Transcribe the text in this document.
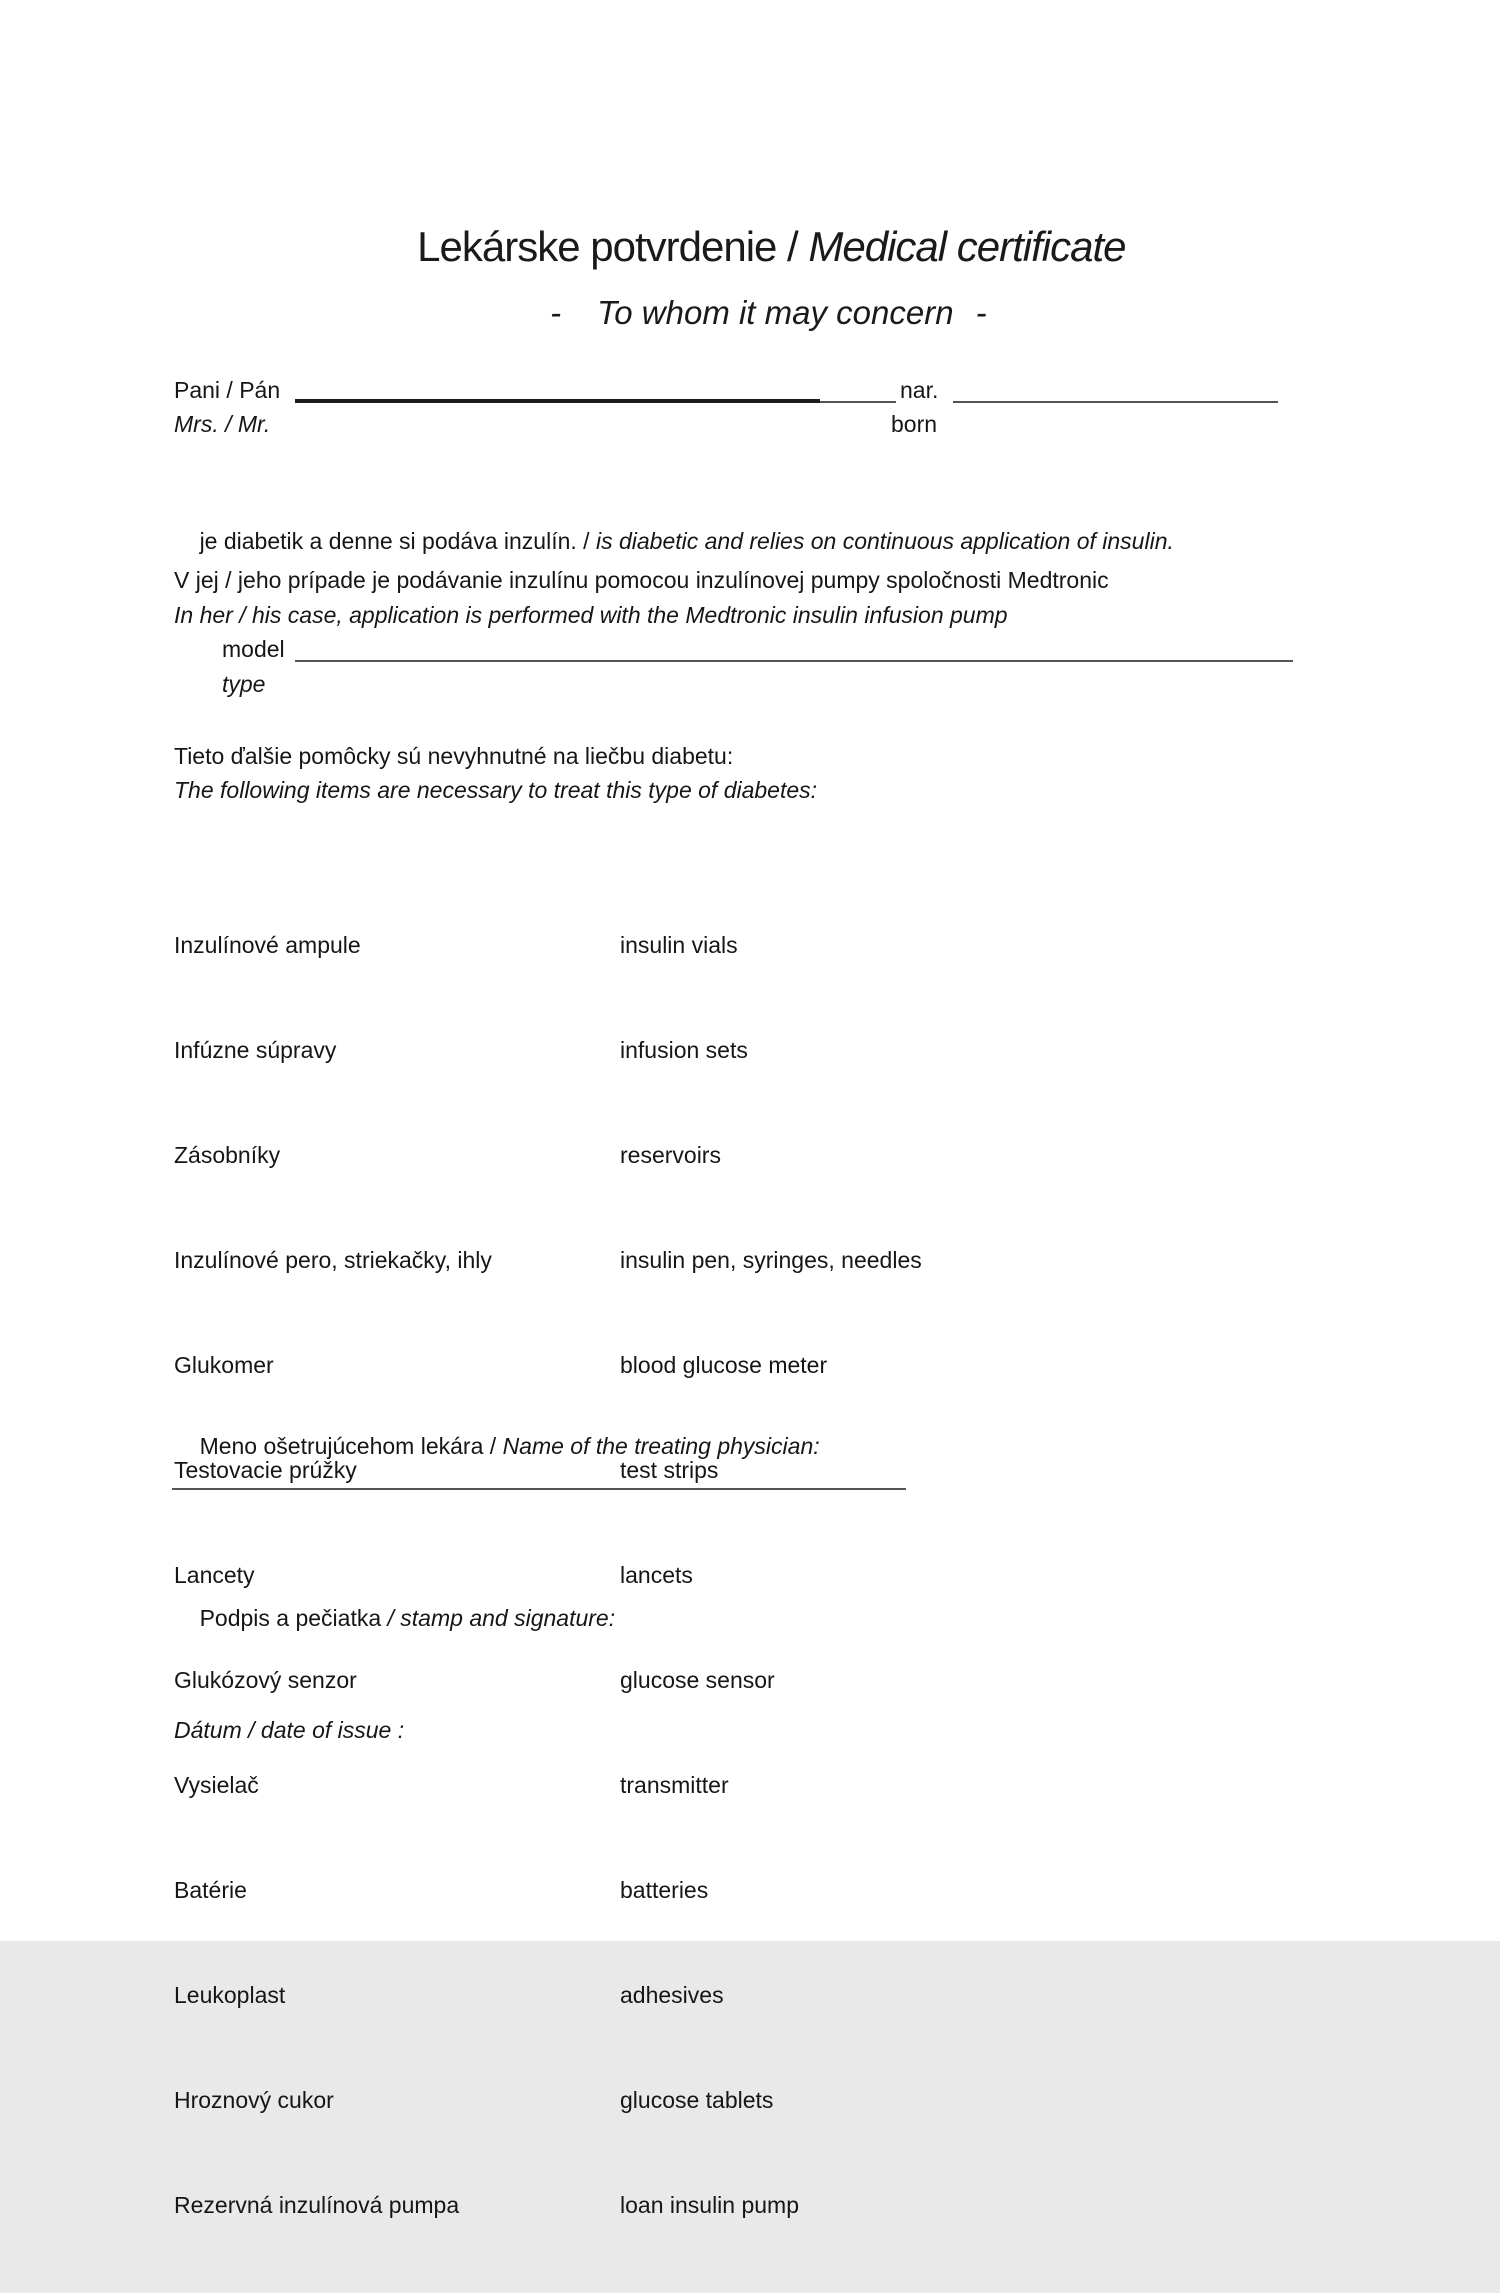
Lekárske potvrdenie / Medical certificate

- To whom it may concern -

Pani / Pán	nar.
Mrs. / Mr.	born

je diabetik a denne si podáva inzulín. / is diabetic and relies on continuous application of insulin.

V jej / jeho prípade je podávanie inzulínu pomocou inzulínovej pumpy spoločnosti Medtronic
In her / his case, application is performed with the Medtronic insulin infusion pump
model
type
Tieto ďalšie pomôcky sú nevyhnutné na liečbu diabetu:
The following items are necessary to treat this type of diabetes:

Inzulínové ampule	insulin vials

Infúzne súpravy	infusion sets

Zásobníky	reservoirs

Inzulínové pero, striekačky, ihly	insulin pen, syringes, needles

Glukomer	blood glucose meter

Testovacie prúžky	test strips

Lancety	lancets

Glukózový senzor	glucose sensor

Vysielač	transmitter

Batérie	batteries

Leukoplast	adhesives

Hroznový cukor	glucose tablets

Rezervná inzulínová pumpa	loan insulin pump

Meno ošetrujúcehom lekára / Name of the treating physician:

Podpis a pečiatka / stamp and signature:

Dátum / date of issue :
